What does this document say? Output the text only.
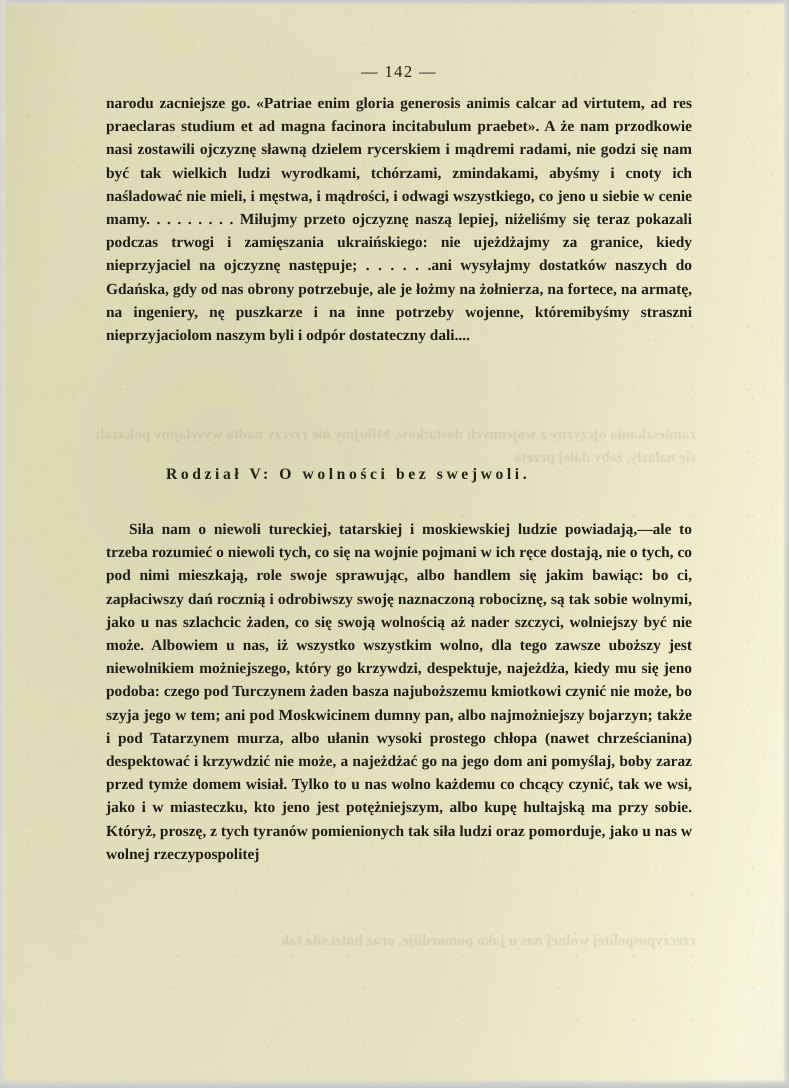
— 142 —
narodu zacniejsze go. «Patriae enim gloria generosis animis calcar ad virtutem, ad res praeclaras studium et ad magna facinora incitabulum praebet». A że nam przodkowie nasi zostawili ojczyznę sławną dzielem rycerskiem i mądremi radami, nie godzi się nam być tak wielkich ludzi wyrodkami, tchórzami, zmindakami, abyśmy i cnoty ich naśladować nie mieli, i męstwa, i mądrości, i odwagi wszystkiego, co jeno u siebie w cenie mamy. . . . . . . . . Miłujmy przeto ojczyznę naszą lepiej, niżeliśmy się teraz pokazali podczas trwogi i zamięszania ukraińskiego: nie ujeżdżajmy za granice, kiedy nieprzyjaciel na ojczyznę następuje; . . . . . .ani wysyłajmy dostatków naszych do Gdańska, gdy od nas obrony potrzebuje, ale je łożmy na żołnierza, na fortece, na armatę, na ingeniery, nę puszkarze i na inne potrzeby wojenne, któremibyśmy straszni nieprzyjaciolom naszym byli i odpór dostateczny dali....
Rodział V: O wolności bez swejwoli.
Siła nam o niewoli tureckiej, tatarskiej i moskiewskiej ludzie powiadają,—ale to trzeba rozumieć o niewoli tych, co się na wojnie pojmani w ich ręce dostają, nie o tych, co pod nimi mieszkają, role swoje sprawując, albo handlem się jakim bawiąc: bo ci, zapłaciwszy dań rocznią i odrobiwszy swoję naznaczoną robociznę, są tak sobie wolnymi, jako u nas szlachcic żaden, co się swoją wolnością aż nader szczyci, wolniejszy być nie może. Albowiem u nas, iż wszystko wszystkim wolno, dla tego zawsze uboższy jest niewolnikiem możniejszego, który go krzywdzi, despektuje, najeżdża, kiedy mu się jeno podoba: czego pod Turczynem żaden basza najuboższemu kmiotkowi czynić nie może, bo szyja jego w tem; ani pod Moskwicinem dumny pan, albo najmożniejszy bojarzyn; także i pod Tatarzynem murza, albo ułanin wysoki prostego chłopa (nawet chrześcianina) despektować i krzywdzić nie może, a najeżdżać go na jego dom ani pomyślaj, boby zaraz przed tymże domem wisiał. Tylko to u nas wolno każdemu co chcący czynić, tak we wsi, jako i w miasteczku, kto jeno jest potężniejszym, albo kupę hultajską ma przy sobie. Któryż, proszę, z tych tyranów pomienionych tak siła ludzi oraz pomorduje, jako u nas w wolnej rzeczypospolitej
